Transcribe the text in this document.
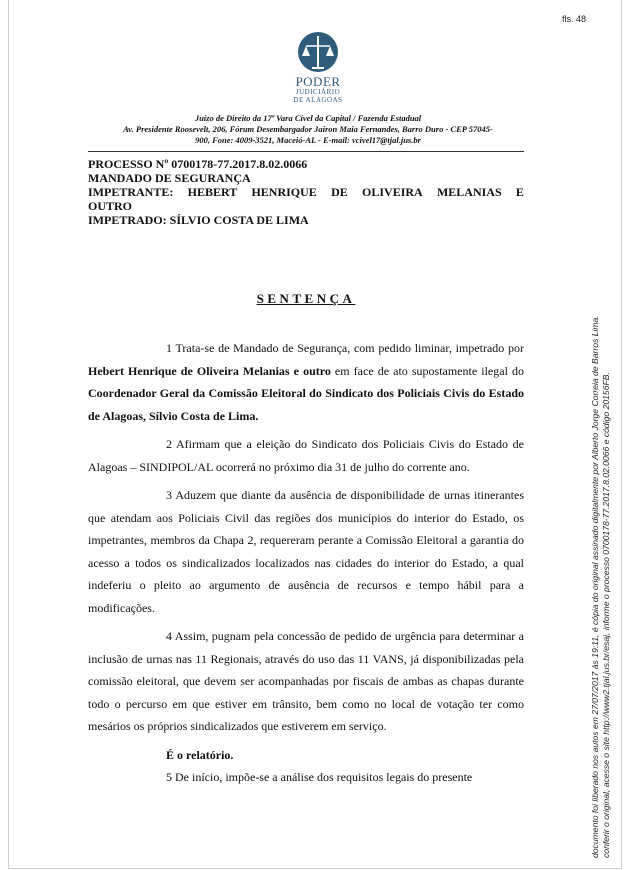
fls. 48
PODER
JUDICIÁRIO
DE ALAGOAS
Juízo de Direito da 17ª Vara Cível da Capital / Fazenda Estadual
Av. Presidente Roosevelt, 206, Fórum Desembargador Jairon Maia Fernandes, Barro Duro - CEP 57045-
900, Fone: 4009-3521, Maceió-AL - E-mail: vcivel17@tjal.jus.br
PROCESSO Nº 0700178-77.2017.8.02.0066
MANDADO DE SEGURANÇA
IMPETRANTE: HEBERT HENRIQUE DE OLIVEIRA MELANIAS E
OUTRO
IMPETRADO: SÍLVIO COSTA DE LIMA
SENTENÇA

1 Trata-se de Mandado de Segurança, com pedido liminar, impetrado por Hebert Henrique de Oliveira Melanias e outro em face de ato supostamente ilegal do Coordenador Geral da Comissão Eleitoral do Sindicato dos Policiais Civis do Estado de Alagoas, Sílvio Costa de Lima.

2 Afirmam que a eleição do Sindicato dos Policiais Civis do Estado de Alagoas – SINDIPOL/AL ocorrerá no próximo dia 31 de julho do corrente ano.

3 Aduzem que diante da ausência de disponibilidade de urnas itinerantes que atendam aos Policiais Civil das regiões dos municípios do interior do Estado, os impetrantes, membros da Chapa 2, requereram perante a Comissão Eleitoral a garantia do acesso a todos os sindicalizados localizados nas cidades do interior do Estado, a qual indeferiu o pleito ao argumento de ausência de recursos e tempo hábil para a modificações.

4 Assim, pugnam pela concessão de pedido de urgência para determinar a inclusão de urnas nas 11 Regionais, através do uso das 11 VANS, já disponibilizadas pela comissão eleitoral, que devem ser acompanhadas por fiscais de ambas as chapas durante todo o percurso em que estiver em trânsito, bem como no local de votação ter como mesários os próprios sindicalizados que estiverem em serviço.

É o relatório.

5 De início, impõe-se a análise dos requisitos legais do presente	documento foi liberado nos autos em 27/07/2017 às 19:11, é cópia do original assinado digitalmente por Alberto Jorge Correia de Barros Lima. conferir o original, acesse o site http://www2.tjal.jus.br/esaj, informe o processo 0700178-77.2017.8.02.0066 e código 20156FB.
